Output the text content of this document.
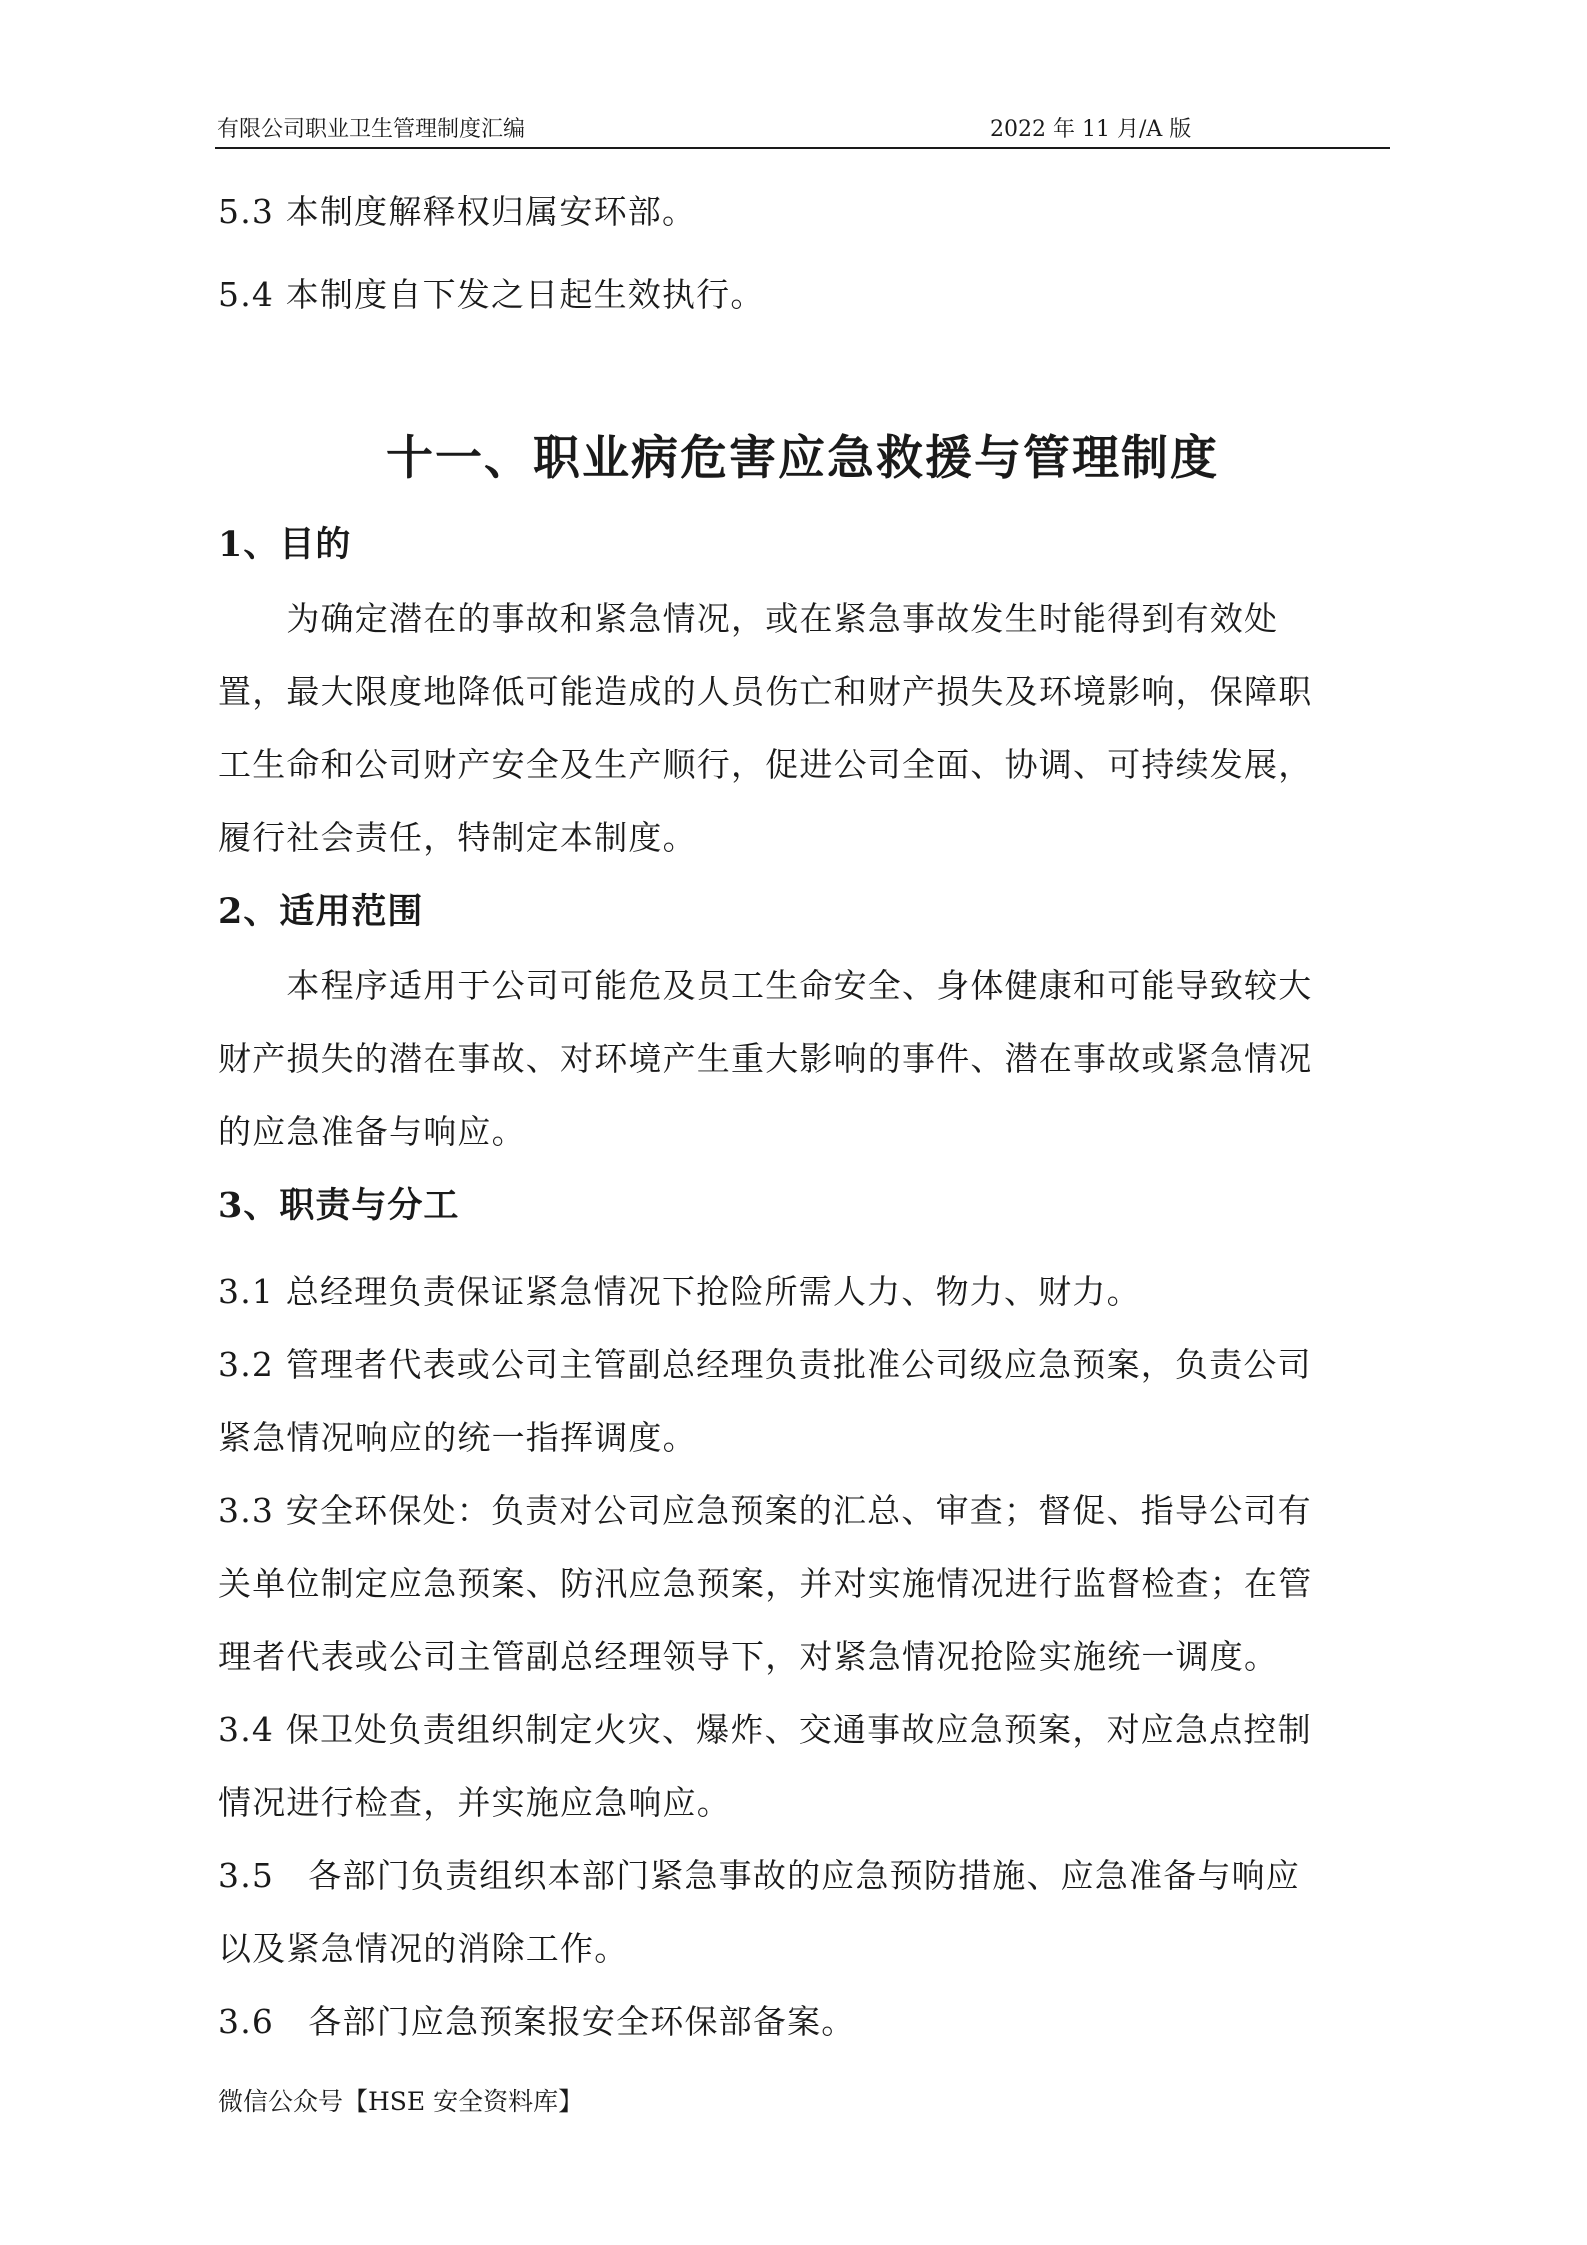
有限公司职业卫生管理制度汇编	2022 年 11 月/A 版
5.3 本制度解释权归属安环部。
5.4 本制度自下发之日起生效执行。
十一、职业病危害应急救援与管理制度
1、目的
　　为确定潜在的事故和紧急情况，或在紧急事故发生时能得到有效处
置，最大限度地降低可能造成的人员伤亡和财产损失及环境影响，保障职
工生命和公司财产安全及生产顺行，促进公司全面、协调、可持续发展，
履行社会责任，特制定本制度。
2、适用范围
　　本程序适用于公司可能危及员工生命安全、身体健康和可能导致较大
财产损失的潜在事故、对环境产生重大影响的事件、潜在事故或紧急情况
的应急准备与响应。
3、职责与分工
3.1 总经理负责保证紧急情况下抢险所需人力、物力、财力。
3.2 管理者代表或公司主管副总经理负责批准公司级应急预案，负责公司
紧急情况响应的统一指挥调度。
3.3 安全环保处：负责对公司应急预案的汇总、审查；督促、指导公司有
关单位制定应急预案、防汛应急预案，并对实施情况进行监督检查；在管
理者代表或公司主管副总经理领导下，对紧急情况抢险实施统一调度。
3.4 保卫处负责组织制定火灾、爆炸、交通事故应急预案，对应急点控制
情况进行检查，并实施应急响应。
3.5　各部门负责组织本部门紧急事故的应急预防措施、应急准备与响应
以及紧急情况的消除工作。
3.6　各部门应急预案报安全环保部备案。
微信公众号【HSE 安全资料库】
